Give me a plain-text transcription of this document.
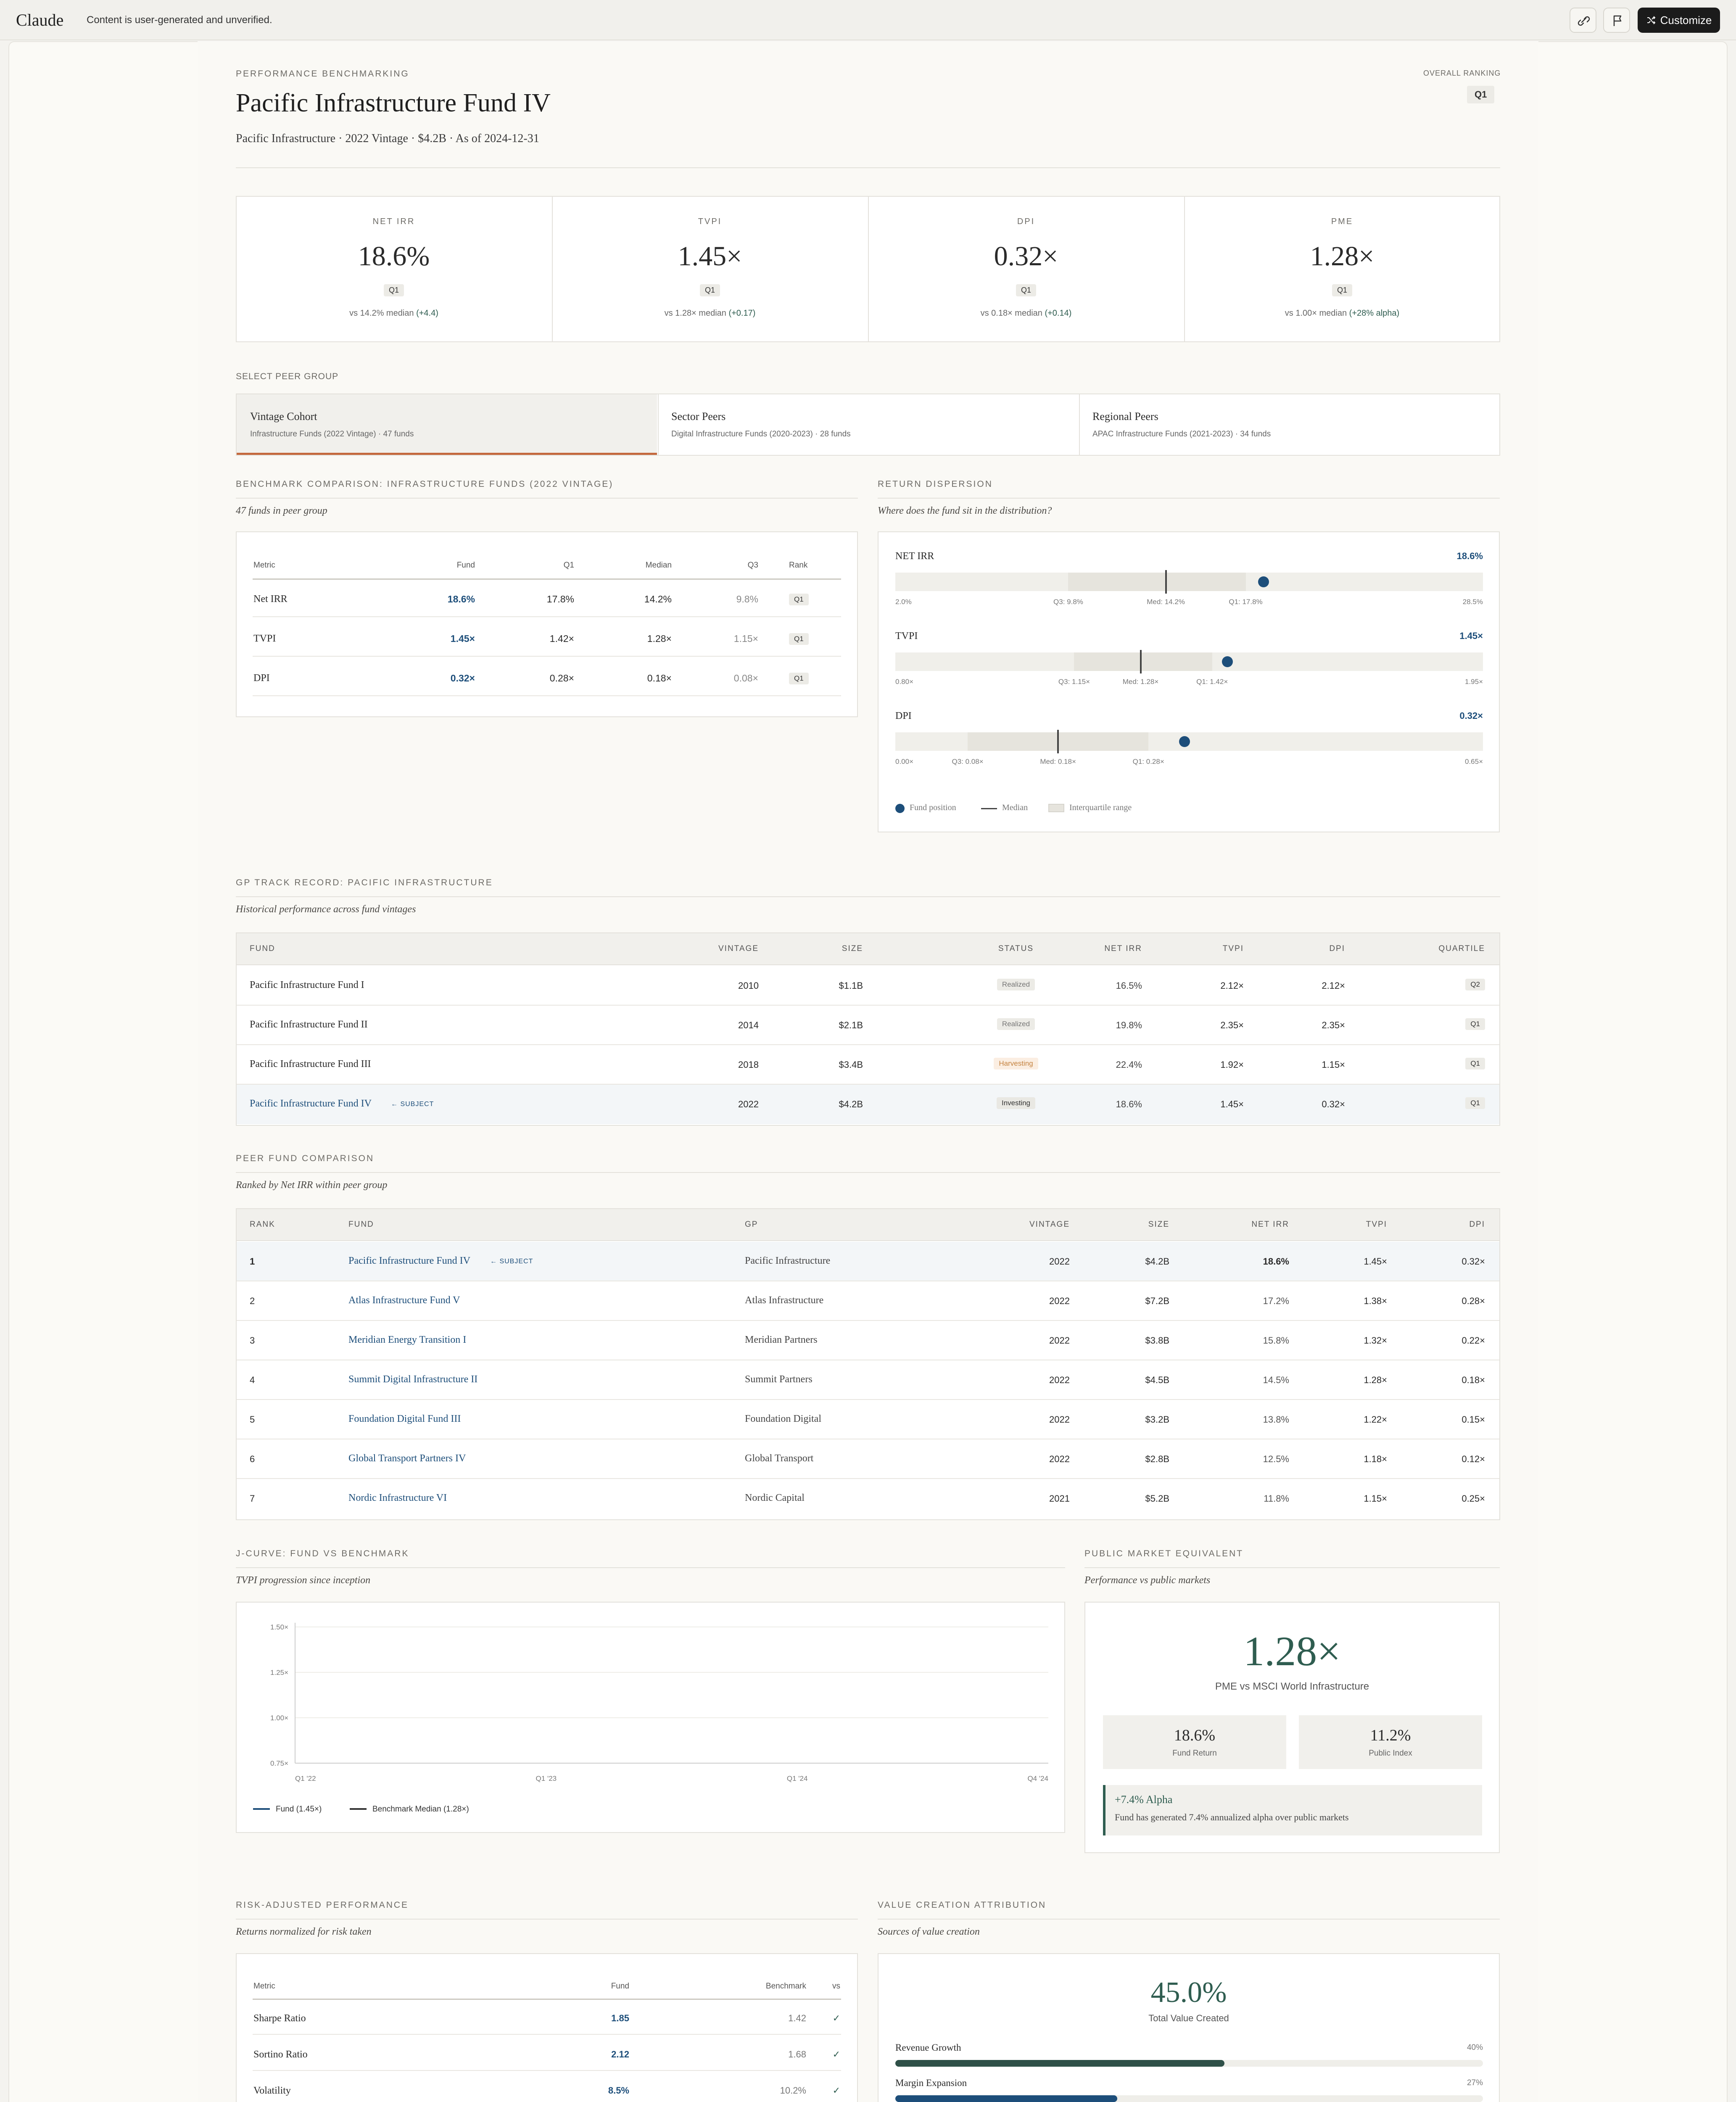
Claude Content is user-generated and unverified.	Customize
PERFORMANCE BENCHMARKING
Pacific Infrastructure Fund IV
Pacific Infrastructure · 2022 Vintage · $4.2B · As of 2024-12-31
OVERALL RANKING
Q1
SELECT PEER GROUP
BENCHMARK COMPARISON: INFRASTRUCTURE FUNDS (2022 VINTAGE)
47 funds in peer group
RETURN DISPERSION
Where does the fund sit in the distribution?
GP TRACK RECORD: PACIFIC INFRASTRUCTURE
Historical performance across fund vintages
PEER FUND COMPARISON
Ranked by Net IRR within peer group
J-CURVE: FUND VS BENCHMARK
TVPI progression since inception
1.50×
1.25×
1.00×
0.75×
Q1 '22	Q1 '23	Q1 '24	Q4 '24
Fund (1.45×)	Benchmark Median (1.28×)
PUBLIC MARKET EQUIVALENT
Performance vs public markets
1.28×
PME vs MSCI World Infrastructure
18.6%
Fund Return
11.2%
Public Index
+7.4% Alpha
Fund has generated 7.4% annualized alpha over public markets
RISK-ADJUSTED PERFORMANCE
Returns normalized for risk taken
VALUE CREATION ATTRIBUTION
Sources of value creation
45.0%
Total Value Created
NET IRR
18.6%
Q1
vs 14.2% median (+4.4)
TVPI
1.45×
Q1
vs 1.28× median (+0.17)
DPI
0.32×
Q1
vs 0.18× median (+0.14)
PME
1.28×
Q1
vs 1.00× median (+28% alpha)
Vintage Cohort
Infrastructure Funds (2022 Vintage) · 47 funds
Sector Peers
Digital Infrastructure Funds (2020-2023) · 28 funds
Regional Peers
APAC Infrastructure Funds (2021-2023) · 34 funds
Metric	Fund	Q1	Median	Q3	Rank
Net IRR	18.6%	17.8%	14.2%	9.8%	Q1
TVPI	1.45×	1.42×	1.28×	1.15×	Q1
DPI	0.32×	0.28×	0.18×	0.08×	Q1
NET IRR	18.6%
2.0%	Q3: 9.8%	Med: 14.2%	Q1: 17.8%	28.5%
TVPI	1.45×
0.80×	Q3: 1.15×	Med: 1.28×	Q1: 1.42×	1.95×
DPI	0.32×
0.00×	Q3: 0.08×	Med: 0.18×	Q1: 0.28×	0.65×
Fund position	Median	Interquartile range
FUND	VINTAGE	SIZE	STATUS	NET IRR	TVPI	DPI	QUARTILE
Pacific Infrastructure Fund I	2010	$1.1B	Realized	16.5%	2.12×	2.12×	Q2
Pacific Infrastructure Fund II	2014	$2.1B	Realized	19.8%	2.35×	2.35×	Q1
Pacific Infrastructure Fund III	2018	$3.4B	Harvesting	22.4%	1.92×	1.15×	Q1
Pacific Infrastructure Fund IV	2022	$4.2B	Investing	18.6%	1.45×	0.32×	Q1
← SUBJECT
RANK	FUND	GP	VINTAGE	SIZE	NET IRR	TVPI	DPI
1	Pacific Infrastructure Fund IV	Pacific Infrastructure	2022	$4.2B	18.6%	1.45×	0.32×
← SUBJECT
2	Atlas Infrastructure Fund V	Atlas Infrastructure	2022	$7.2B	17.2%	1.38×	0.28×
3	Meridian Energy Transition I	Meridian Partners	2022	$3.8B	15.8%	1.32×	0.22×
4	Summit Digital Infrastructure II	Summit Partners	2022	$4.5B	14.5%	1.28×	0.18×
5	Foundation Digital Fund III	Foundation Digital	2022	$3.2B	13.8%	1.22×	0.15×
6	Global Transport Partners IV	Global Transport	2022	$2.8B	12.5%	1.18×	0.12×
7	Nordic Infrastructure VI	Nordic Capital	2021	$5.2B	11.8%	1.15×	0.25×
Metric	Fund	Benchmark	vs
Sharpe Ratio	1.85	1.42	✓
Sortino Ratio	2.12	1.68	✓
Volatility	8.5%	10.2%	✓
Revenue Growth	40%
Margin Expansion	27%
